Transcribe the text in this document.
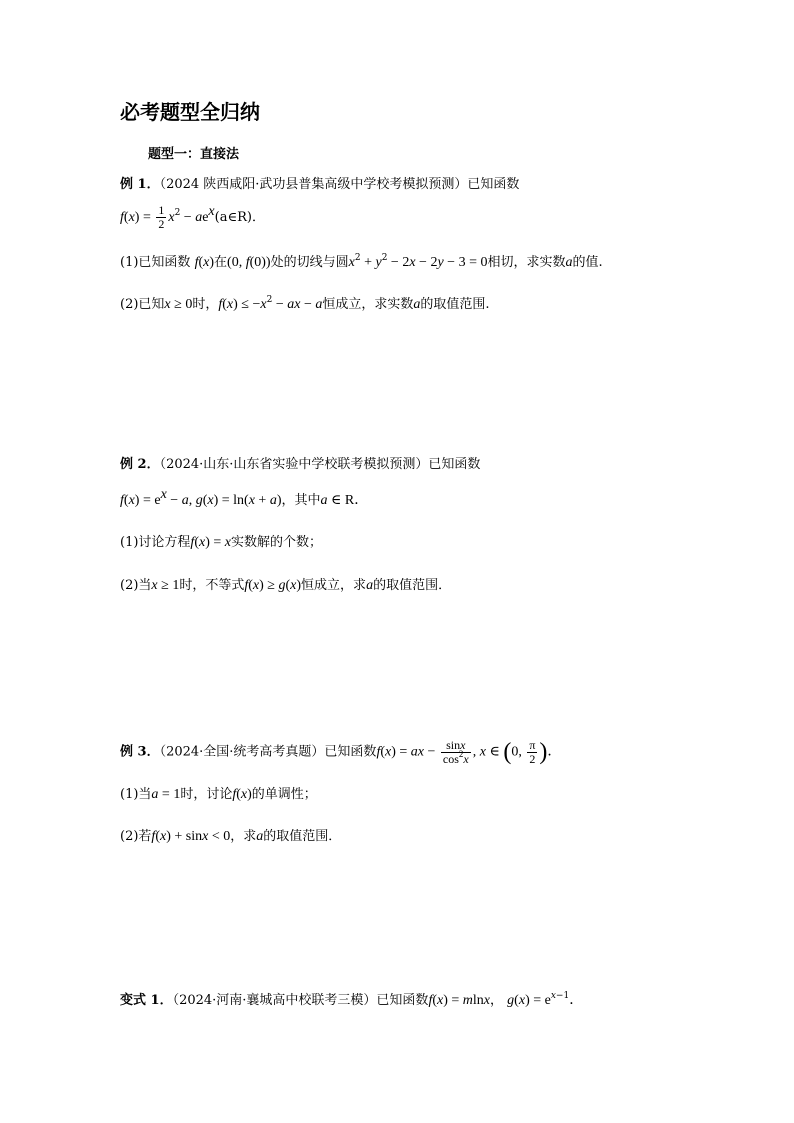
必考题型全归纳
题型一：直接法
例 1．（2024 陕西咸阳·武功县普集高级中学校考模拟预测）已知函数
$f(x) = \frac{1}{2} x^2$ − $ae^x(a\in R)$．
(1)已知函数 f(x)在(0, f(0))处的切线与圆$x^2 + y^2 - 2x - 2y - 3 = 0$相切，求实数a的值.
(2)已知x ≥ 0时，$f(x) \le -x^2$ − ax − a恒成立，求实数a的取值范围.
例 2．（2024·山东·山东省实验中学校联考模拟预测）已知函数
$f(x) = e^x - a$, g(x) = ln(x + a)，其中a ∈ R．
(1)讨论方程f(x) = x实数解的个数；
(2)当x ≥ 1时，不等式f(x) ≥ g(x)恒成立，求a的取值范围．
例 3．（2024·全国·统考高考真题）已知函数f(x) = ax − $\frac{\sin x}{\cos^2x}$ , x ∈ (0, $\frac{\pi}{2}$ )．
(1)当a = 1时，讨论f(x)的单调性；
(2)若f(x) + sinx < 0，求a的取值范围．
变式 1．（2024·河南·襄城高中校联考三模）已知函数f(x) = mlnx， $g(x) = e^{x-1}$．
